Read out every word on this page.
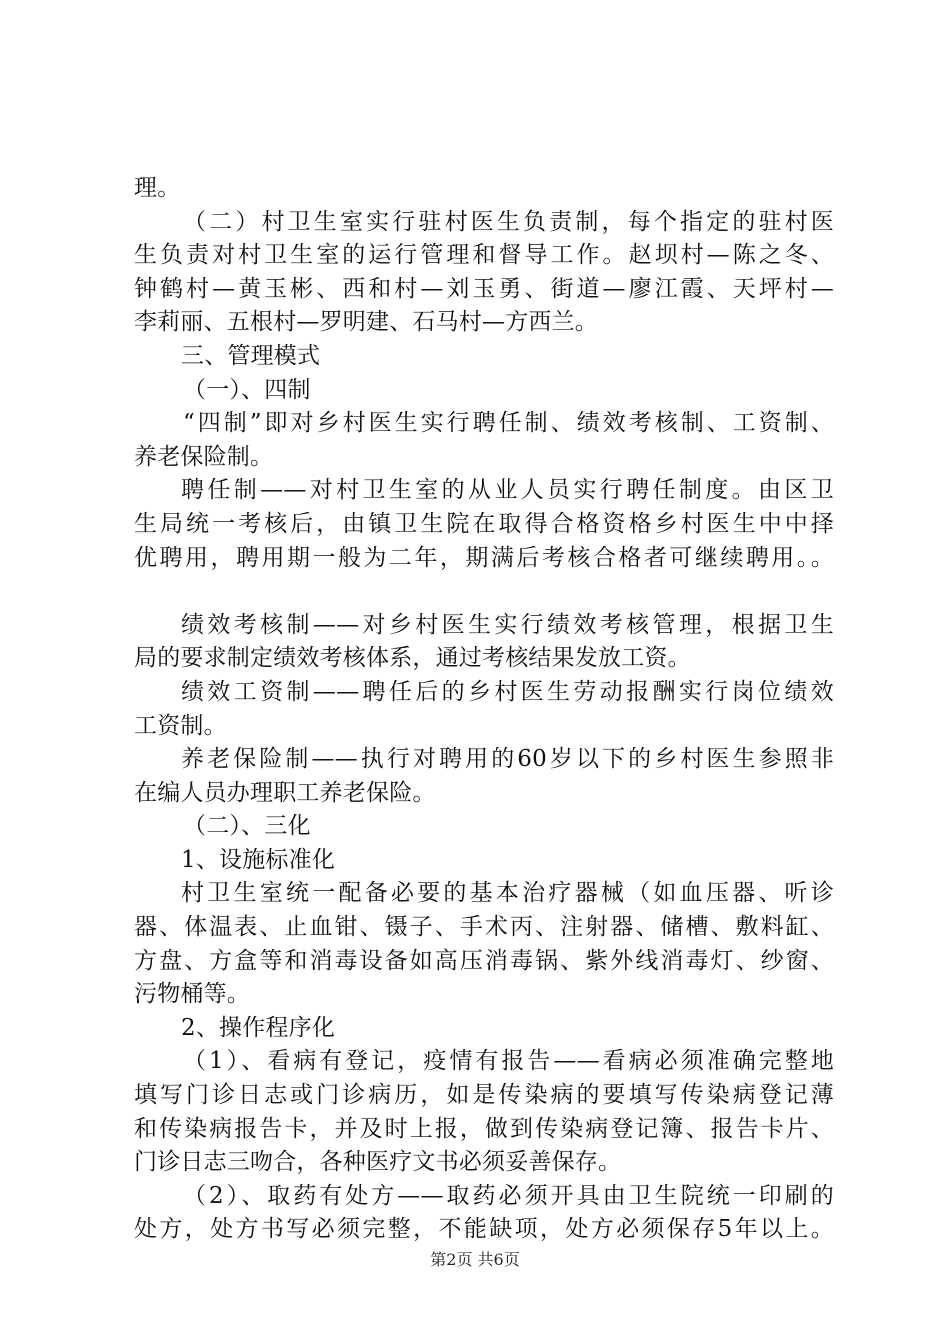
理。
（二）村卫生室实行驻村医生负责制，每个指定的驻村医
生负责对村卫生室的运行管理和督导工作。赵坝村—陈之冬、
钟鹤村—黄玉彬、西和村—刘玉勇、街道—廖江霞、天坪村—
李莉丽、五根村—罗明建、石马村—方西兰。
三、管理模式
（一）、四制
“四制”即对乡村医生实行聘任制、绩效考核制、工资制、
养老保险制。
聘任制——对村卫生室的从业人员实行聘任制度。由区卫
生局统一考核后，由镇卫生院在取得合格资格乡村医生中中择
优聘用，聘用期一般为二年，期满后考核合格者可继续聘用。。
绩效考核制——对乡村医生实行绩效考核管理，根据卫生
局的要求制定绩效考核体系，通过考核结果发放工资。
绩效工资制——聘任后的乡村医生劳动报酬实行岗位绩效
工资制。
养老保险制——执行对聘用的60岁以下的乡村医生参照非
在编人员办理职工养老保险。
（二）、三化
1、设施标准化
村卫生室统一配备必要的基本治疗器械（如血压器、听诊
器、体温表、止血钳、镊子、手术丙、注射器、储槽、敷料缸、
方盘、方盒等和消毒设备如高压消毒锅、紫外线消毒灯、纱窗、
污物桶等。
2、操作程序化
（1）、看病有登记，疫情有报告——看病必须准确完整地
填写门诊日志或门诊病历，如是传染病的要填写传染病登记薄
和传染病报告卡，并及时上报，做到传染病登记簿、报告卡片、
门诊日志三吻合，各种医疗文书必须妥善保存。
（2）、取药有处方——取药必须开具由卫生院统一印刷的
处方，处方书写必须完整，不能缺项，处方必须保存5年以上。
第2页 共6页
